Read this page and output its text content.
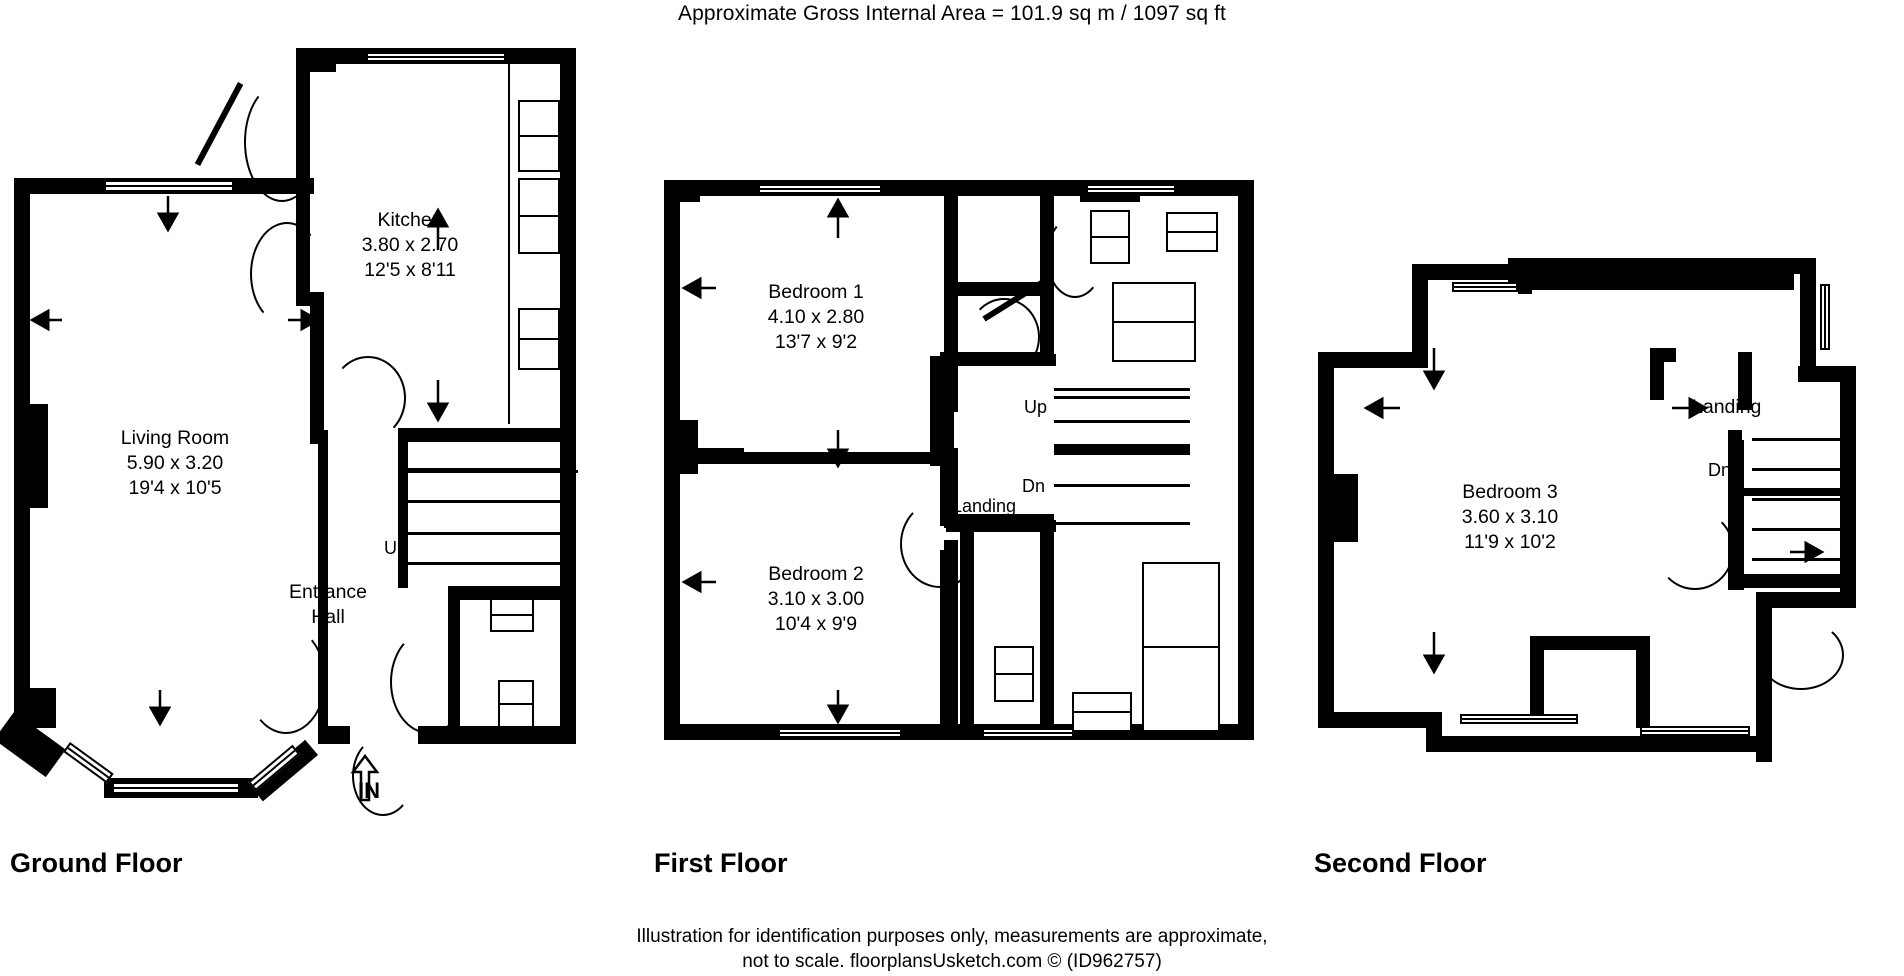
Approximate Gross Internal Area = 101.9 sq m / 1097 sq ft
Kitchen
3.80 x 2.70
12'5 x 8'11
Living Room
5.90 x 3.20
19'4 x 10'5
Entrance
Hall
Up
IN
Ground Floor
Bedroom 1
4.10 x 2.80
13'7 x 9'2
Bedroom 2
3.10 x 3.00
10'4 x 9'9
Landing
Up
Dn
First Floor
Bedroom 3
3.60 x 3.10
11'9 x 10'2
Landing
Dn
Second Floor
Illustration for identification purposes only, measurements are approximate,
not to scale. floorplansUsketch.com © (ID962757)
